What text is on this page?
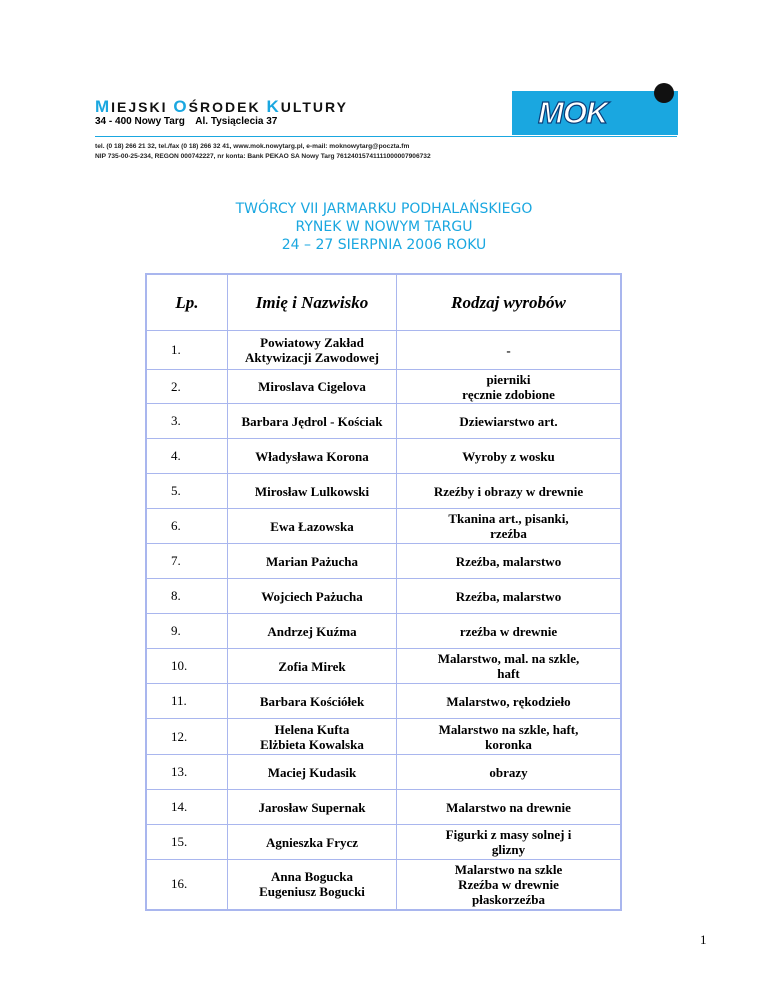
MIEJSKI OŚRODEK KULTURY
34 - 400 Nowy Targ Al. Tysiąclecia 37	MOK
tel. (0 18) 266 21 32, tel./fax (0 18) 266 32 41, www.mok.nowytarg.pl, e-mail: moknowytarg@poczta.fm
NIP 735-00-25-234, REGON 000742227, nr konta: Bank PEKAO SA Nowy Targ 76124015741111000007906732
TWÓRCY VII JARMARKU PODHALAŃSKIEGO
RYNEK W NOWYM TARGU
24 – 27 SIERPNIA 2006 ROKU
Lp.	Imię i Nazwisko	Rodzaj wyrobów
1.	Powiatowy Zakład
Aktywizacji Zawodowej	-
2.	Miroslava Cigelova	pierniki
ręcznie zdobione
3.	Barbara Jędrol - Kościak	Dziewiarstwo art.
4.	Władysława Korona	Wyroby z wosku
5.	Mirosław Lulkowski	Rzeźby i obrazy w drewnie
6.	Ewa Łazowska	Tkanina art., pisanki,
rzeźba
7.	Marian Pażucha	Rzeźba, malarstwo
8.	Wojciech Pażucha	Rzeźba, malarstwo
9.	Andrzej Kuźma	rzeźba w drewnie
10.	Zofia Mirek	Malarstwo, mal. na szkle,
haft
11.	Barbara Kościółek	Malarstwo, rękodzieło
12.	Helena Kufta
Elżbieta Kowalska	Malarstwo na szkle, haft,
koronka
13.	Maciej Kudasik	obrazy
14.	Jarosław Supernak	Malarstwo na drewnie
15.	Agnieszka Frycz	Figurki z masy solnej i
glizny
16.	Anna Bogucka
Eugeniusz Bogucki	Malarstwo na szkle
Rzeźba w drewnie
płaskorzeźba
1
